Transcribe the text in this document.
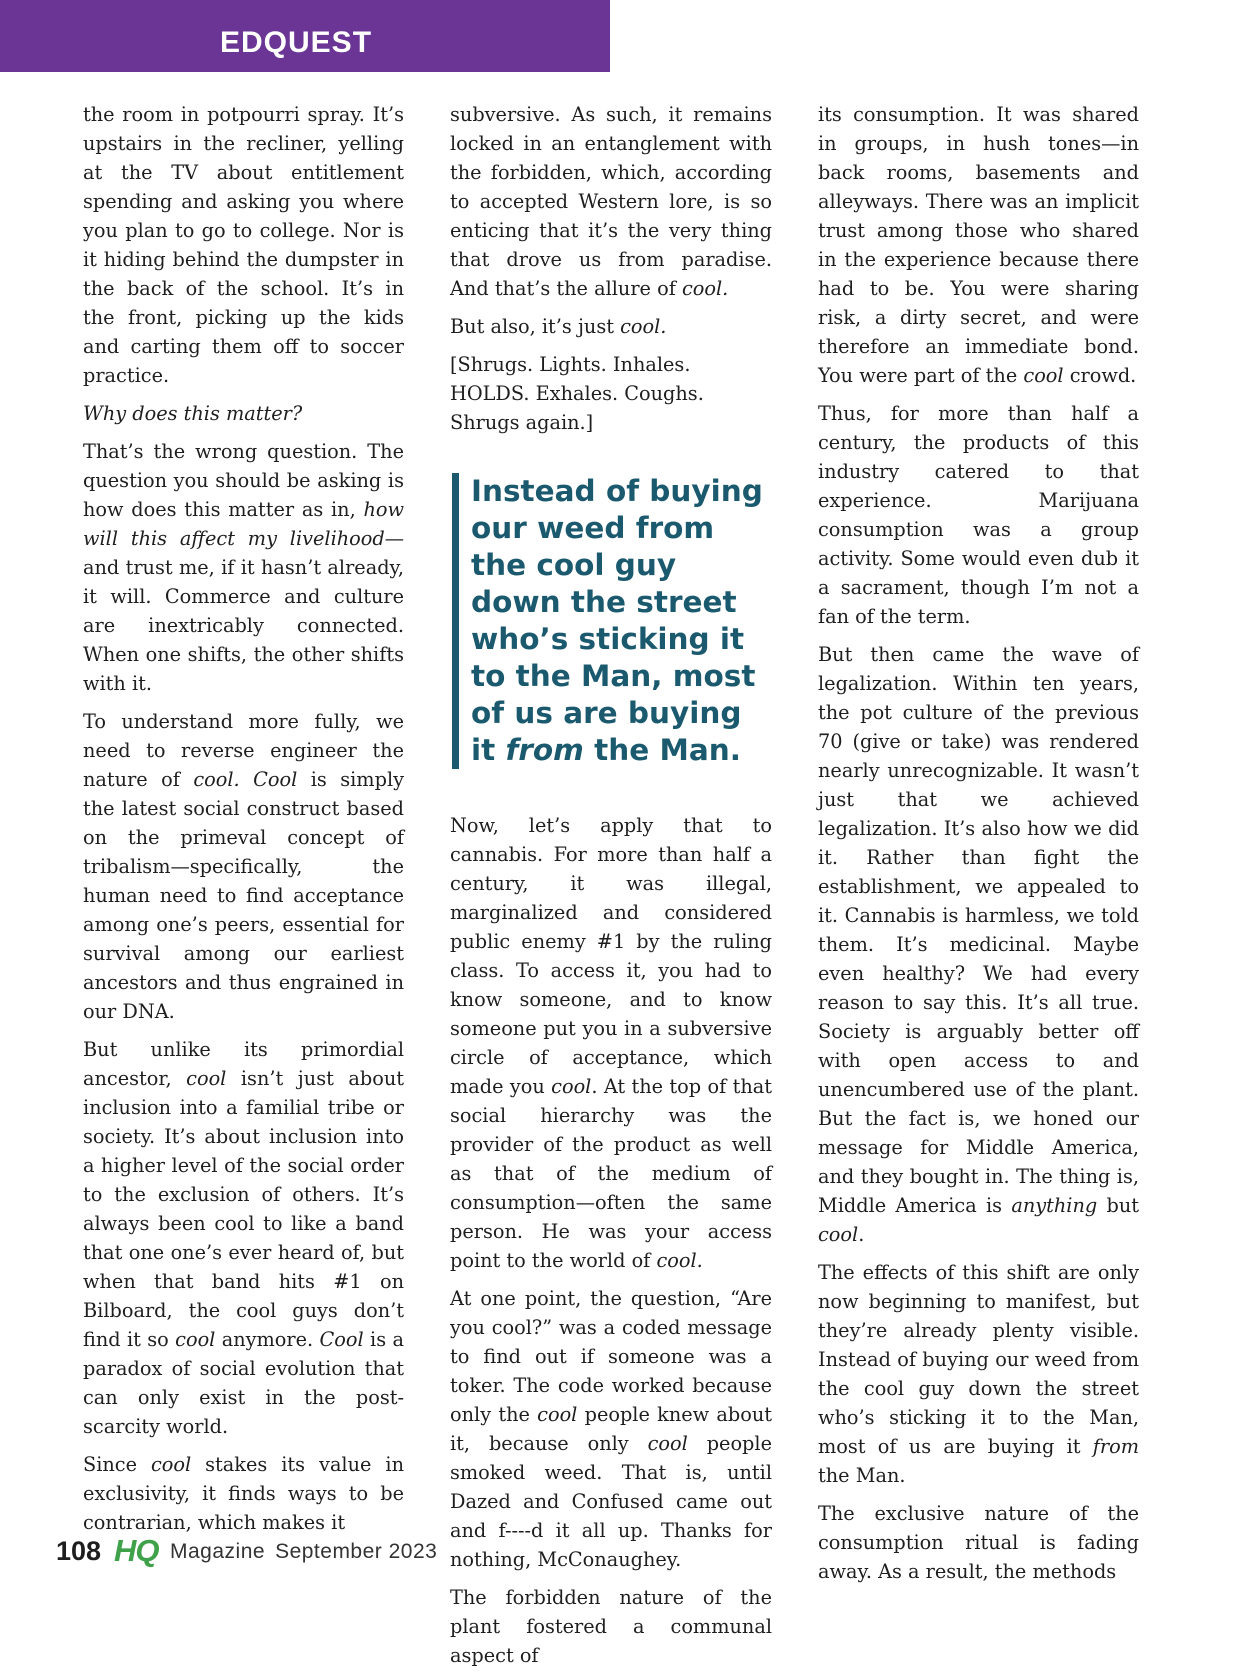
EDQUEST

the room in potpourri spray. It’s upstairs in the recliner, yelling at the TV about entitlement spending and asking you where you plan to go to college. Nor is it hiding behind the dumpster in the back of the school. It’s in the front, picking up the kids and carting them off to soccer practice.

Why does this matter?

That’s the wrong question. The question you should be asking is how does this matter as in, how will this affect my livelihood—and trust me, if it hasn’t already, it will. Commerce and culture are inextricably connected. When one shifts, the other shifts with it.

To understand more fully, we need to reverse engineer the nature of cool. Cool is simply the latest social construct based on the primeval concept of tribalism—specifically, the human need to find acceptance among one’s peers, essential for survival among our earliest ancestors and thus engrained in our DNA.

But unlike its primordial ancestor, cool isn’t just about inclusion into a familial tribe or society. It’s about inclusion into a higher level of the social order to the exclusion of others. It’s always been cool to like a band that one one’s ever heard of, but when that band hits #1 on Bilboard, the cool guys don’t find it so cool anymore. Cool is a paradox of social evolution that can only exist in the post-scarcity world.

Since cool stakes its value in exclusivity, it finds ways to be contrarian, which makes it

subversive. As such, it remains locked in an entanglement with the forbidden, which, according to accepted Western lore, is so enticing that it’s the very thing that drove us from paradise. And that’s the allure of cool.

But also, it’s just cool.

[Shrugs. Lights. Inhales. HOLDS. Exhales. Coughs. Shrugs again.]

Instead of buying our weed from the cool guy down the street who’s sticking it to the Man, most of us are buying it from the Man.

Now, let’s apply that to cannabis. For more than half a century, it was illegal, marginalized and considered public enemy #1 by the ruling class. To access it, you had to know someone, and to know someone put you in a subversive circle of acceptance, which made you cool. At the top of that social hierarchy was the provider of the product as well as that of the medium of consumption—often the same person. He was your access point to the world of cool.

At one point, the question, “Are you cool?” was a coded message to find out if someone was a toker. The code worked because only the cool people knew about it, because only cool people smoked weed. That is, until Dazed and Confused came out and f----d it all up. Thanks for nothing, McConaughey.

The forbidden nature of the plant fostered a communal aspect of

its consumption. It was shared in groups, in hush tones—in back rooms, basements and alleyways. There was an implicit trust among those who shared in the experience because there had to be. You were sharing risk, a dirty secret, and were therefore an immediate bond. You were part of the cool crowd.

Thus, for more than half a century, the products of this industry catered to that experience. Marijuana consumption was a group activity. Some would even dub it a sacrament, though I’m not a fan of the term.

But then came the wave of legalization. Within ten years, the pot culture of the previous 70 (give or take) was rendered nearly unrecognizable. It wasn’t just that we achieved legalization. It’s also how we did it. Rather than fight the establishment, we appealed to it. Cannabis is harmless, we told them. It’s medicinal. Maybe even healthy? We had every reason to say this. It’s all true. Society is arguably better off with open access to and unencumbered use of the plant. But the fact is, we honed our message for Middle America, and they bought in. The thing is, Middle America is anything but cool.

The effects of this shift are only now beginning to manifest, but they’re already plenty visible. Instead of buying our weed from the cool guy down the street who’s sticking it to the Man, most of us are buying it from the Man.

The exclusive nature of the consumption ritual is fading away. As a result, the methods

108 HQ Magazine September 2023
